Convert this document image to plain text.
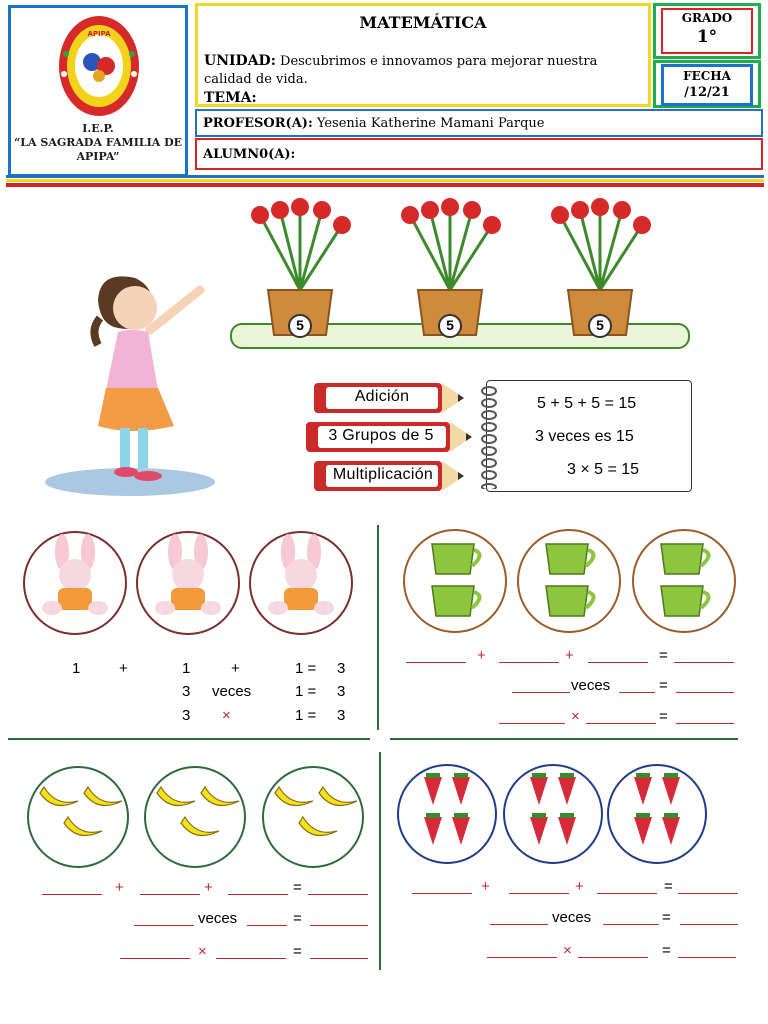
APIPA
I.E.P.
“LA SAGRADA FAMILIA DE
APIPA”
MATEMÁTICA
UNIDAD: Descubrimos e innovamos para mejorar nuestra calidad de vida.
TEMA:
GRADO
1°
FECHA
/12/21
PROFESOR(A): Yesenia Katherine Mamani Parque
ALUMN0(A):
5	5	5
Adición
3 Grupos de 5
Multiplicación
5 + 5 + 5 = 15
3 veces es 15
3 × 5 = 15
1	+	1	+	1 = 3
3 veces	1 = 3
3 ×	1 = 3
+	+	=
veces	=
×	=
+	+	=
veces	=
×	=
+	+	=
veces	=
×	=
